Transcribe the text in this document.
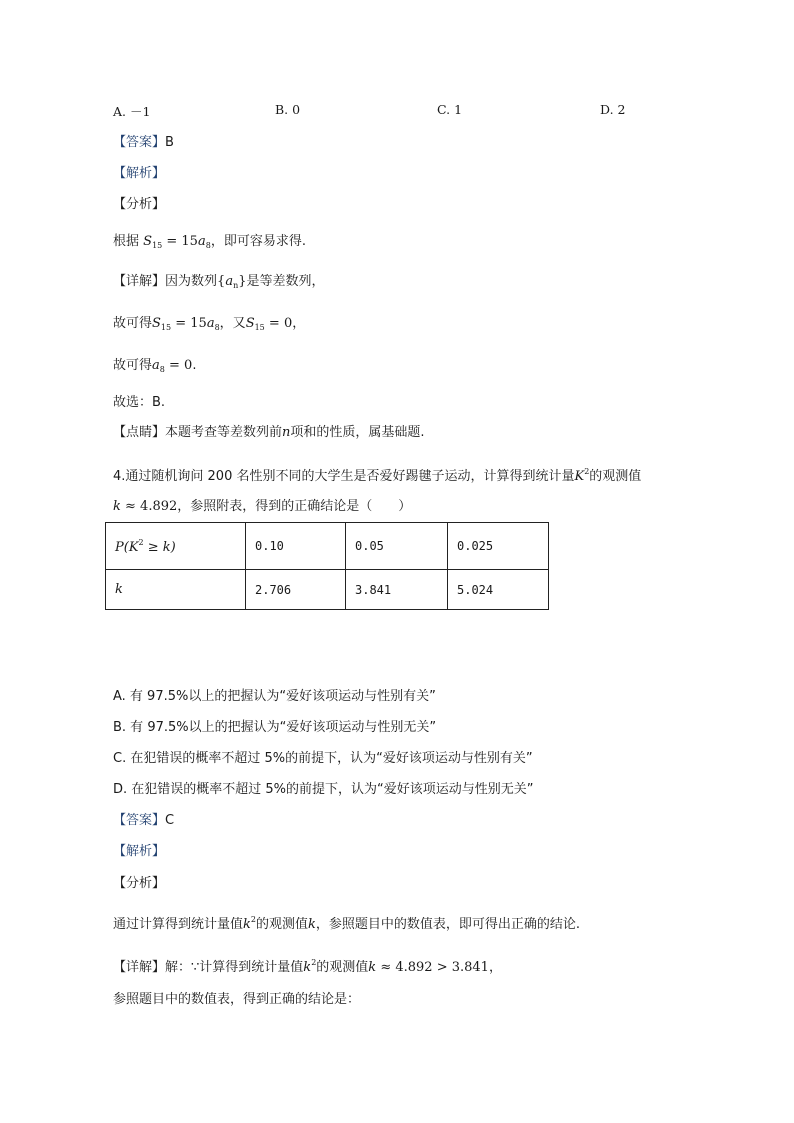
A. －1	B. 0	C. 1	D. 2
【答案】B
【解析】
【分析】
根据 $S_{15} = 15a_8$，即可容易求得.
【详解】因为数列$\{a_n\}$是等差数列，
故可得$S_{15} = 15a_8$，又$S_{15} = 0$，
故可得$a_8 = 0$.
故选：B.
【点睛】本题考查等差数列前n项和的性质，属基础题.
4.通过随机询问 200 名性别不同的大学生是否爱好踢毽子运动，计算得到统计量$K^2$的观测值
k ≈ 4.892，参照附表，得到的正确结论是（　　）
$P(K^2 \ge k)$	0.10	0.05	0.025
k	2.706	3.841	5.024
A. 有 97.5%以上的把握认为“爱好该项运动与性别有关”
B. 有 97.5%以上的把握认为“爱好该项运动与性别无关”
C. 在犯错误的概率不超过 5%的前提下，认为“爱好该项运动与性别有关”
D. 在犯错误的概率不超过 5%的前提下，认为“爱好该项运动与性别无关”
【答案】C
【解析】
【分析】
通过计算得到统计量值$k^2$的观测值k，参照题目中的数值表，即可得出正确的结论.
【详解】解：∵计算得到统计量值$k^2$的观测值k ≈ 4.892 > 3.841，
参照题目中的数值表，得到正确的结论是：
